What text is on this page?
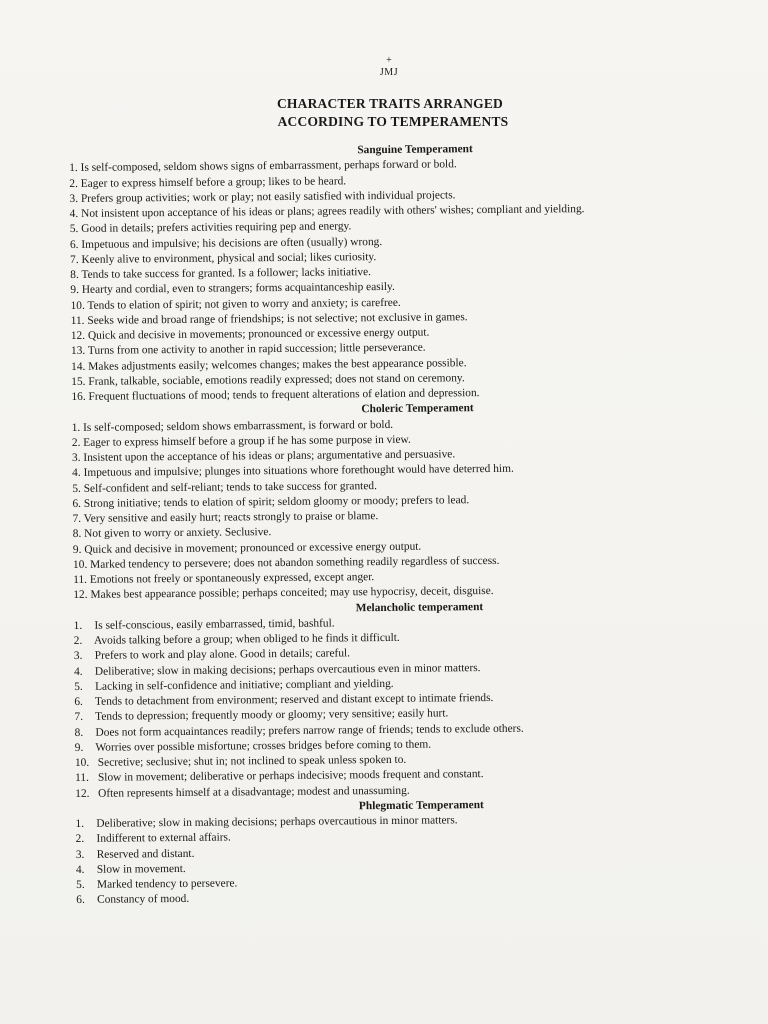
+
JMJ
CHARACTER TRAITS ARRANGED
ACCORDING TO TEMPERAMENTS
Sanguine Temperament
1. Is self-composed, seldom shows signs of embarrassment, perhaps forward or bold.
2. Eager to express himself before a group; likes to be heard.
3. Prefers group activities; work or play; not easily satisfied with individual projects.
4. Not insistent upon acceptance of his ideas or plans; agrees readily with others' wishes; compliant and yielding.
5. Good in details; prefers activities requiring pep and energy.
6. Impetuous and impulsive; his decisions are often (usually) wrong.
7. Keenly alive to environment, physical and social; likes curiosity.
8. Tends to take success for granted. Is a follower; lacks initiative.
9. Hearty and cordial, even to strangers; forms acquaintanceship easily.
10. Tends to elation of spirit; not given to worry and anxiety; is carefree.
11. Seeks wide and broad range of friendships; is not selective; not exclusive in games.
12. Quick and decisive in movements; pronounced or excessive energy output.
13. Turns from one activity to another in rapid succession; little perseverance.
14. Makes adjustments easily; welcomes changes; makes the best appearance possible.
15. Frank, talkable, sociable, emotions readily expressed; does not stand on ceremony.
16. Frequent fluctuations of mood; tends to frequent alterations of elation and depression.
Choleric Temperament
1. Is self-composed; seldom shows embarrassment, is forward or bold.
2. Eager to express himself before a group if he has some purpose in view.
3. Insistent upon the acceptance of his ideas or plans; argumentative and persuasive.
4. Impetuous and impulsive; plunges into situations whore forethought would have deterred him.
5. Self-confident and self-reliant; tends to take success for granted.
6. Strong initiative; tends to elation of spirit; seldom gloomy or moody; prefers to lead.
7. Very sensitive and easily hurt; reacts strongly to praise or blame.
8. Not given to worry or anxiety. Seclusive.
9. Quick and decisive in movement; pronounced or excessive energy output.
10. Marked tendency to persevere; does not abandon something readily regardless of success.
11. Emotions not freely or spontaneously expressed, except anger.
12. Makes best appearance possible; perhaps conceited; may use hypocrisy, deceit, disguise.
Melancholic temperament
1. Is self-conscious, easily embarrassed, timid, bashful.
2. Avoids talking before a group; when obliged to he finds it difficult.
3. Prefers to work and play alone. Good in details; careful.
4. Deliberative; slow in making decisions; perhaps overcautious even in minor matters.
5. Lacking in self-confidence and initiative; compliant and yielding.
6. Tends to detachment from environment; reserved and distant except to intimate friends.
7. Tends to depression; frequently moody or gloomy; very sensitive; easily hurt.
8. Does not form acquaintances readily; prefers narrow range of friends; tends to exclude others.
9. Worries over possible misfortune; crosses bridges before coming to them.
10. Secretive; seclusive; shut in; not inclined to speak unless spoken to.
11. Slow in movement; deliberative or perhaps indecisive; moods frequent and constant.
12. Often represents himself at a disadvantage; modest and unassuming.
Phlegmatic Temperament
1. Deliberative; slow in making decisions; perhaps overcautious in minor matters.
2. Indifferent to external affairs.
3. Reserved and distant.
4. Slow in movement.
5. Marked tendency to persevere.
6. Constancy of mood.
